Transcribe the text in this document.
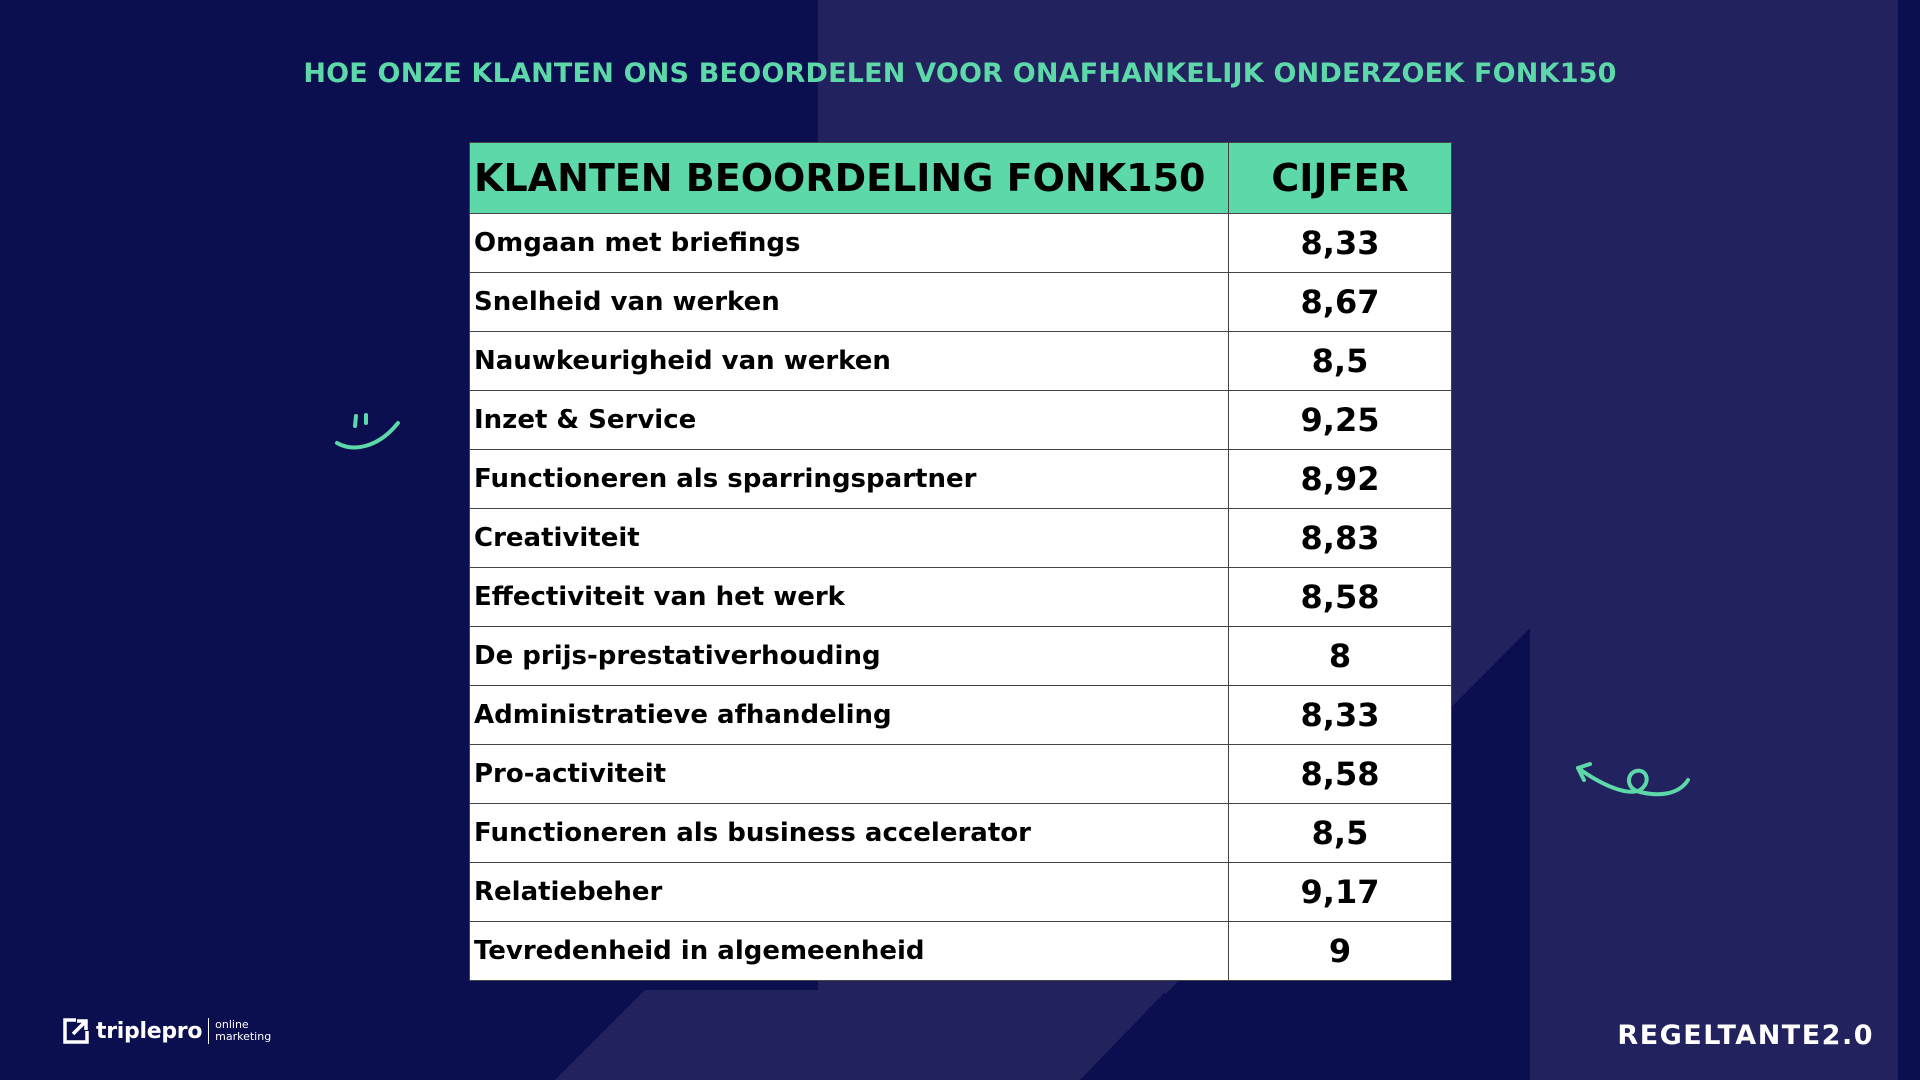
HOE ONZE KLANTEN ONS BEOORDELEN VOOR ONAFHANKELIJK ONDERZOEK FONK150
KLANTEN BEOORDELING FONK150	CIJFER
Omgaan met briefings	8,33
Snelheid van werken	8,67
Nauwkeurigheid van werken	8,5
Inzet & Service	9,25
Functioneren als sparringspartner	8,92
Creativiteit	8,83
Effectiviteit van het werk	8,58
De prijs-prestativerhouding	8
Administratieve afhandeling	8,33
Pro-activiteit	8,58
Functioneren als business accelerator	8,5
Relatiebeher	9,17
Tevredenheid in algemeenheid	9
triplepro online
marketing	REGELTANTE2.0
